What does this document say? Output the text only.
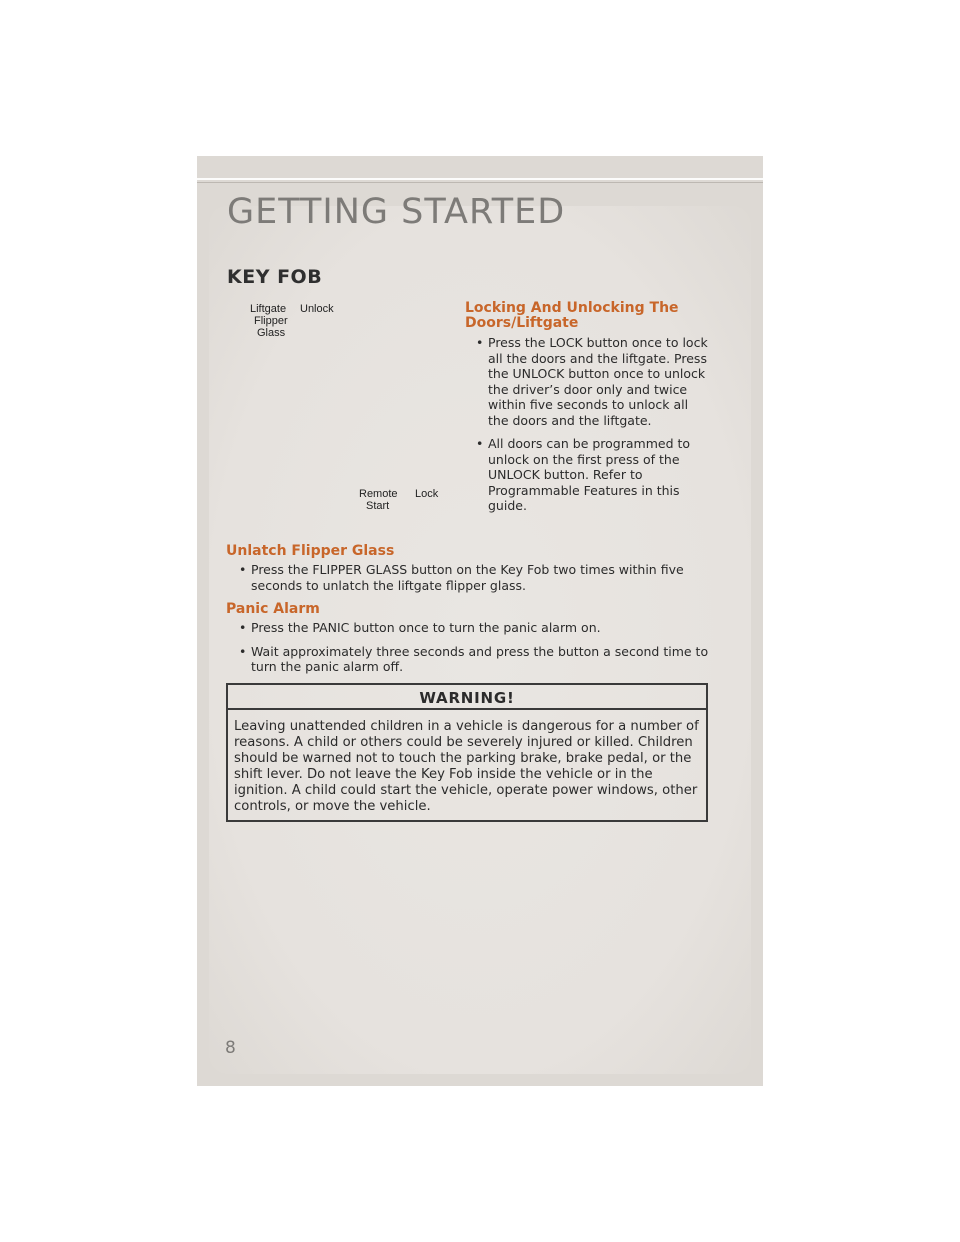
GETTING STARTED
KEY FOB
Liftgate
Flipper
Glass
Unlock
Remote
Start
Lock
Locking And Unlocking The
Doors/Liftgate
• Press the LOCK button once to lock all the doors and the liftgate. Press the UNLOCK button once to unlock the driver’s door only and twice within five seconds to unlock all the doors and the liftgate.
• All doors can be programmed to unlock on the first press of the UNLOCK button. Refer to Programmable Features in this guide.
Unlatch Flipper Glass
• Press the FLIPPER GLASS button on the Key Fob two times within five seconds to unlatch the liftgate flipper glass.
Panic Alarm
• Press the PANIC button once to turn the panic alarm on.
• Wait approximately three seconds and press the button a second time to turn the panic alarm off.
WARNING!
Leaving unattended children in a vehicle is dangerous for a number of reasons. A child or others could be severely injured or killed. Children should be warned not to touch the parking brake, brake pedal, or the shift lever. Do not leave the Key Fob inside the vehicle or in the ignition. A child could start the vehicle, operate power windows, other controls, or move the vehicle.
8
